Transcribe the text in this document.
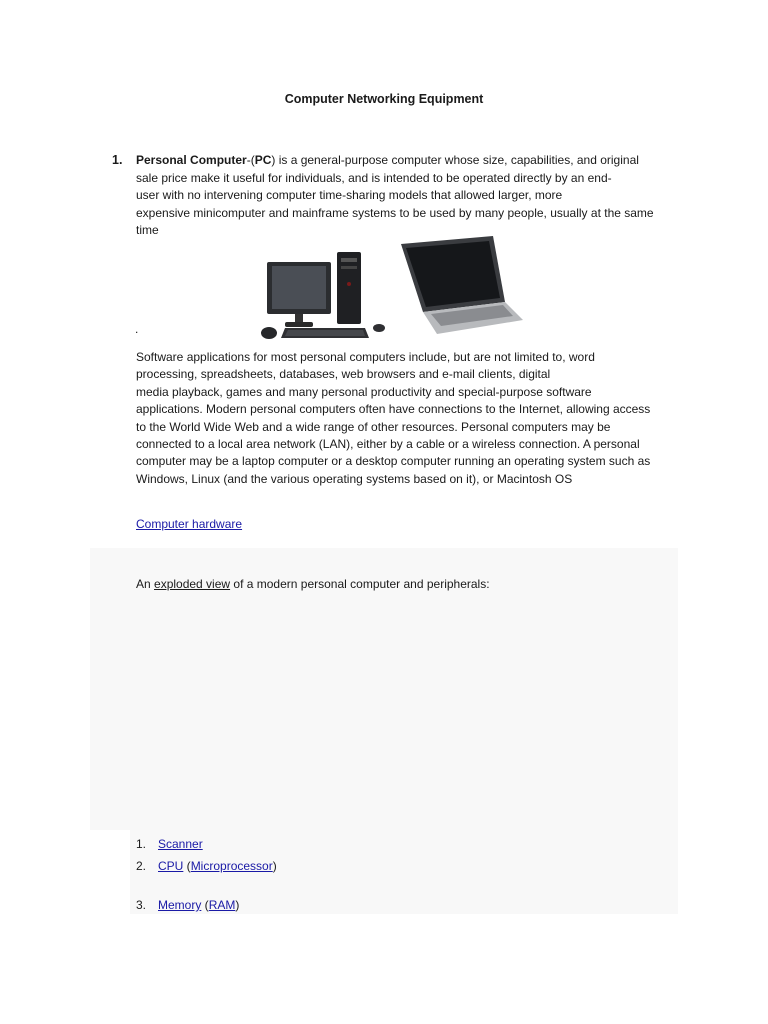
Computer Networking Equipment
1. Personal Computer-(PC) is a general-purpose computer whose size, capabilities, and original
sale price make it useful for individuals, and is intended to be operated directly by an end-
user with no intervening computer time-sharing models that allowed larger, more
expensive minicomputer and mainframe systems to be used by many people, usually at the same
time
.
Software applications for most personal computers include, but are not limited to, word
processing, spreadsheets, databases, web browsers and e-mail clients, digital
media playback, games and many personal productivity and special-purpose software
applications. Modern personal computers often have connections to the Internet, allowing access
to the World Wide Web and a wide range of other resources. Personal computers may be
connected to a local area network (LAN), either by a cable or a wireless connection. A personal
computer may be a laptop computer or a desktop computer running an operating system such as
Windows, Linux (and the various operating systems based on it), or Macintosh OS
Computer hardware
An exploded view of a modern personal computer and peripherals:
1. Scanner
2. CPU (Microprocessor)
3. Memory (RAM)
